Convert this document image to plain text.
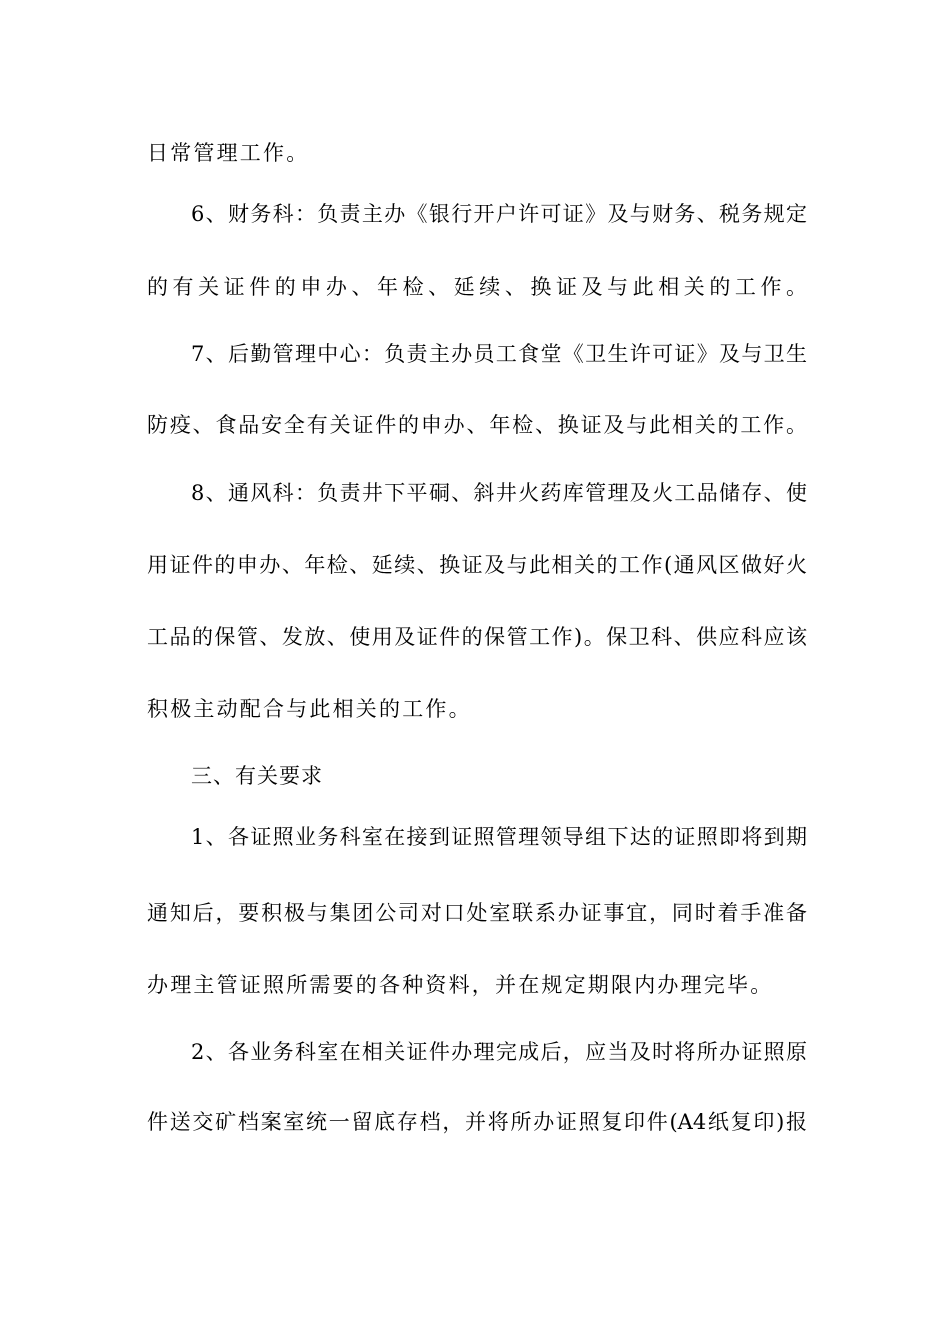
日常管理工作。
6、财务科：负责主办《银行开户许可证》及与财务、税务规定
的有关证件的申办、年检、延续、换证及与此相关的工作。
7、后勤管理中心：负责主办员工食堂《卫生许可证》及与卫生
防疫、食品安全有关证件的申办、年检、换证及与此相关的工作。
8、通风科：负责井下平硐、斜井火药库管理及火工品储存、使
用证件的申办、年检、延续、换证及与此相关的工作(通风区做好火
工品的保管、发放、使用及证件的保管工作)。保卫科、供应科应该
积极主动配合与此相关的工作。
三、有关要求
1、各证照业务科室在接到证照管理领导组下达的证照即将到期
通知后，要积极与集团公司对口处室联系办证事宜，同时着手准备
办理主管证照所需要的各种资料，并在规定期限内办理完毕。
2、各业务科室在相关证件办理完成后，应当及时将所办证照原
件送交矿档案室统一留底存档，并将所办证照复印件(A4纸复印)报
